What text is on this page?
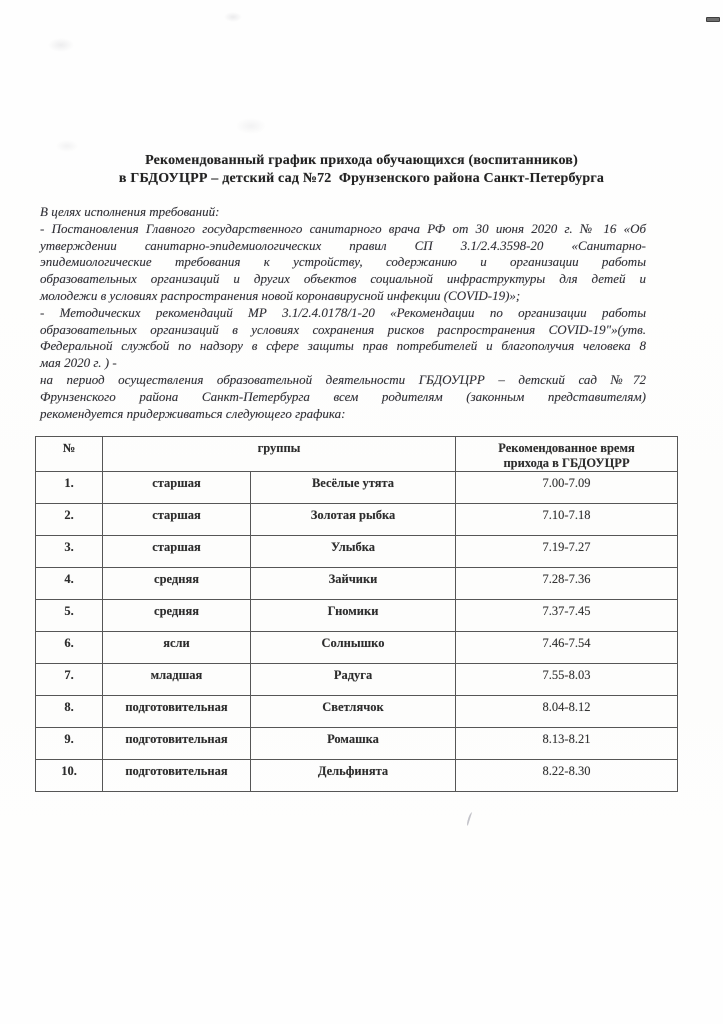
Рекомендованный график прихода обучающихся (воспитанников)
в ГБДОУЦРР – детский сад №72  Фрунзенского района Санкт-Петербурга
В целях исполнения требований:
- Постановления Главного государственного санитарного врача РФ от 30 июня 2020 г. № 16 «Об
утверждении санитарно-эпидемиологических правил СП 3.1/2.4.3598-20 «Санитарно-
эпидемиологические требования к устройству, содержанию и организации работы
образовательных организаций и других объектов социальной инфраструктуры для детей и
молодежи в условиях распространения новой коронавирусной инфекции (COVID-19)»;
- Методических рекомендаций МР 3.1/2.4.0178/1-20 «Рекомендации по организации работы
образовательных организаций в условиях сохранения рисков распространения COVID-19"»(утв.
Федеральной службой по надзору в сфере защиты прав потребителей и благополучия человека 8
мая 2020 г. ) -
на период осуществления образовательной деятельности ГБДОУЦРР – детский сад №72
Фрунзенского района Санкт-Петербурга всем родителям (законным представителям)
рекомендуется придерживаться следующего графика:
№	группы		Рекомендованное время
прихода в ГБДОУЦРР

1.	старшая	Весёлые утята	7.00-7.09
2.	старшая	Золотая рыбка	7.10-7.18
3.	старшая	Улыбка	7.19-7.27
4.	средняя	Зайчики	7.28-7.36
5.	средняя	Гномики	7.37-7.45
6.	ясли	Солнышко	7.46-7.54
7.	младшая	Радуга	7.55-8.03
8.	подготовительная	Светлячок	8.04-8.12
9.	подготовительная	Ромашка	8.13-8.21
10.	подготовительная	Дельфинята	8.22-8.30
